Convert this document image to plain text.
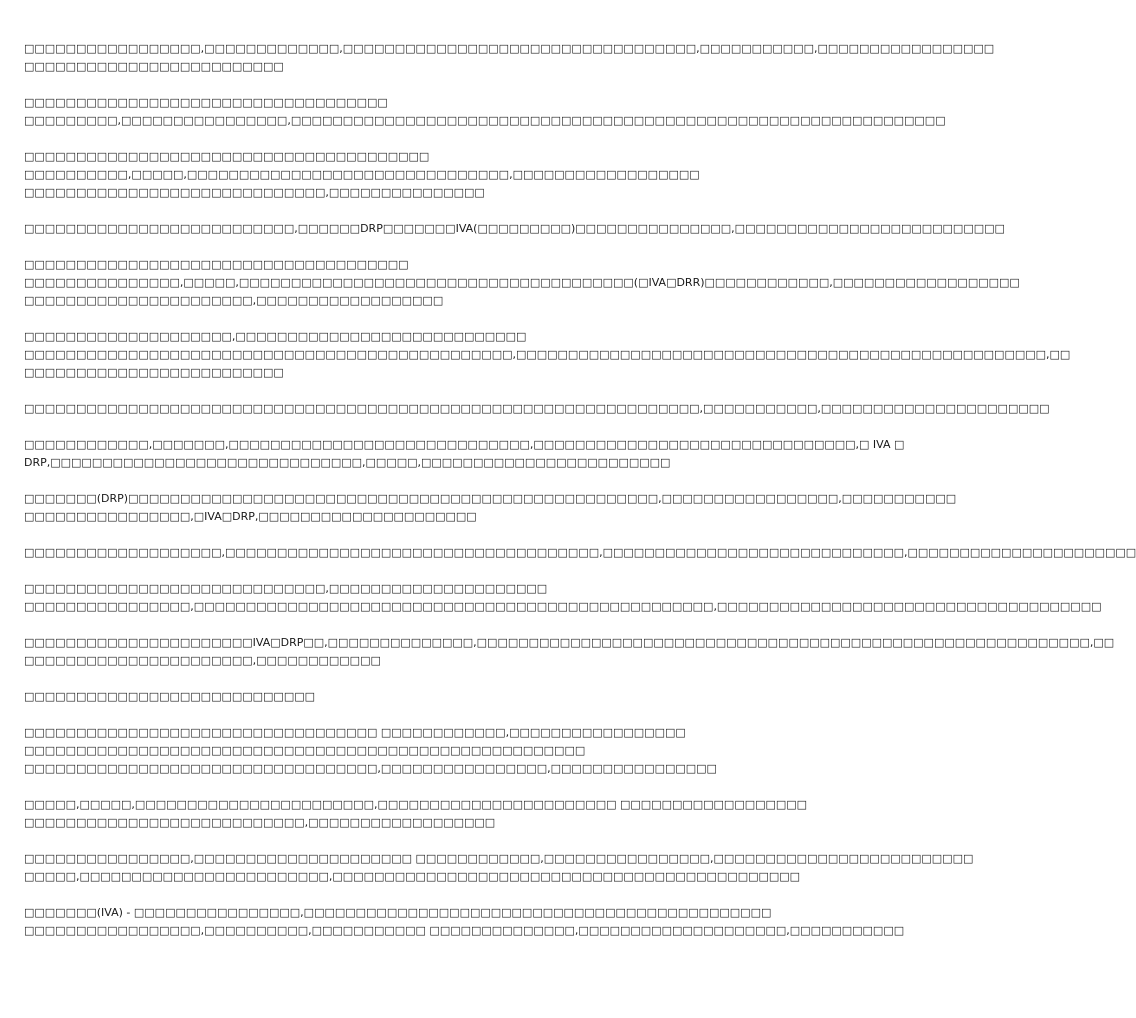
□□□□□□□□□□□□□□□□□,□□□□□□□□□□□□□,□□□□□□□□□□□□□□□□□□□□□□□□□□□□□□□□□□,□□□□□□□□□□□,□□□□□□□□□□□□□□□□□
□□□□□□□□□□□□□□□□□□□□□□□□□

□□□□□□□□□□□□□□□□□□□□□□□□□□□□□□□□□□□
□□□□□□□□□,□□□□□□□□□□□□□□□□,□□□□□□□□□□□□□□□□□□□□□□□□□□□□□□□□□□□□□□□□□□□□□□□□□□□□□□□□□□□□□□□

□□□□□□□□□□□□□□□□□□□□□□□□□□□□□□□□□□□□□□□
□□□□□□□□□□,□□□□□,□□□□□□□□□□□□□□□□□□□□□□□□□□□□□□□,□□□□□□□□□□□□□□□□□□
□□□□□□□□□□□□□□□□□□□□□□□□□□□□□,□□□□□□□□□□□□□□□

□□□□□□□□□□□□□□□□□□□□□□□□□□,□□□□□□DRP□□□□□□□IVA(□□□□□□□□□)□□□□□□□□□□□□□□□,□□□□□□□□□□□□□□□□□□□□□□□□□□

□□□□□□□□□□□□□□□□□□□□□□□□□□□□□□□□□□□□□
□□□□□□□□□□□□□□□,□□□□□,□□□□□□□□□□□□□□□□□□□□□□□□□□□□□□□□□□□□□□(□IVA□DRR)□□□□□□□□□□□□,□□□□□□□□□□□□□□□□□□
□□□□□□□□□□□□□□□□□□□□□□,□□□□□□□□□□□□□□□□□□

□□□□□□□□□□□□□□□□□□□□,□□□□□□□□□□□□□□□□□□□□□□□□□□□□
□□□□□□□□□□□□□□□□□□□□□□□□□□□□□□□□□□□□□□□□□□□□□□□,□□□□□□□□□□□□□□□□□□□□□□□□□□□□□□□□□□□□□□□□□□□□□□□□□□□,□□
□□□□□□□□□□□□□□□□□□□□□□□□□

□□□□□□□□□□□□□□□□□□□□□□□□□□□□□□□□□□□□□□□□□□□□□□□□□□□□□□□□□□□□□□□□□,□□□□□□□□□□□,□□□□□□□□□□□□□□□□□□□□□□

□□□□□□□□□□□□,□□□□□□□,□□□□□□□□□□□□□□□□□□□□□□□□□□□□□,□□□□□□□□□□□□□□□□□□□□□□□□□□□□□□□,□ IVA □
DRP,□□□□□□□□□□□□□□□□□□□□□□□□□□□□□□,□□□□□,□□□□□□□□□□□□□□□□□□□□□□□□

□□□□□□□(DRP)□□□□□□□□□□□□□□□□□□□□□□□□□□□□□□□□□□□□□□□□□□□□□□□□□□□,□□□□□□□□□□□□□□□□□,□□□□□□□□□□□
□□□□□□□□□□□□□□□□,□IVA□DRP,□□□□□□□□□□□□□□□□□□□□□

□□□□□□□□□□□□□□□□□□□,□□□□□□□□□□□□□□□□□□□□□□□□□□□□□□□□□□□□,□□□□□□□□□□□□□□□□□□□□□□□□□□□□□,□□□□□□□□□□□□□□□□□□□□□□

□□□□□□□□□□□□□□□□□□□□□□□□□□□□□,□□□□□□□□□□□□□□□□□□□□□
□□□□□□□□□□□□□□□□,□□□□□□□□□□□□□□□□□□□□□□□□□□□□□□□□□□□□□□□□□□□□□□□□□□,□□□□□□□□□□□□□□□□□□□□□□□□□□□□□□□□□□□□□

□□□□□□□□□□□□□□□□□□□□□□IVA□DRP□□,□□□□□□□□□□□□□□,□□□□□□□□□□□□□□□□□□□□□□□□□□□□□□□□□□□□□□□□□□□□□□□□□□□□□□□□□□□,□□
□□□□□□□□□□□□□□□□□□□□□□,□□□□□□□□□□□□

□□□□□□□□□□□□□□□□□□□□□□□□□□□□

□□□□□□□□□□□□□□□□□□□□□□□□□□□□□□□□□□ □□□□□□□□□□□□,□□□□□□□□□□□□□□□□□
□□□□□□□□□□□□□□□□□□□□□□□□□□□□□□□□□□□□□□□□□□□□□□□□□□□□□□
□□□□□□□□□□□□□□□□□□□□□□□□□□□□□□□□□□,□□□□□□□□□□□□□□□□,□□□□□□□□□□□□□□□□

□□□□□,□□□□□,□□□□□□□□□□□□□□□□□□□□□□□,□□□□□□□□□□□□□□□□□□□□□□□ □□□□□□□□□□□□□□□□□□
□□□□□□□□□□□□□□□□□□□□□□□□□□□,□□□□□□□□□□□□□□□□□□

□□□□□□□□□□□□□□□□,□□□□□□□□□□□□□□□□□□□□□ □□□□□□□□□□□□,□□□□□□□□□□□□□□□□,□□□□□□□□□□□□□□□□□□□□□□□□□
□□□□□,□□□□□□□□□□□□□□□□□□□□□□□□,□□□□□□□□□□□□□□□□□□□□□□□□□□□□□□□□□□□□□□□□□□□□□

□□□□□□□(IVA) - □□□□□□□□□□□□□□□□,□□□□□□□□□□□□□□□□□□□□□□□□□□□□□□□□□□□□□□□□□□□□□
□□□□□□□□□□□□□□□□□,□□□□□□□□□□,□□□□□□□□□□□ □□□□□□□□□□□□□□,□□□□□□□□□□□□□□□□□□□□,□□□□□□□□□□□
